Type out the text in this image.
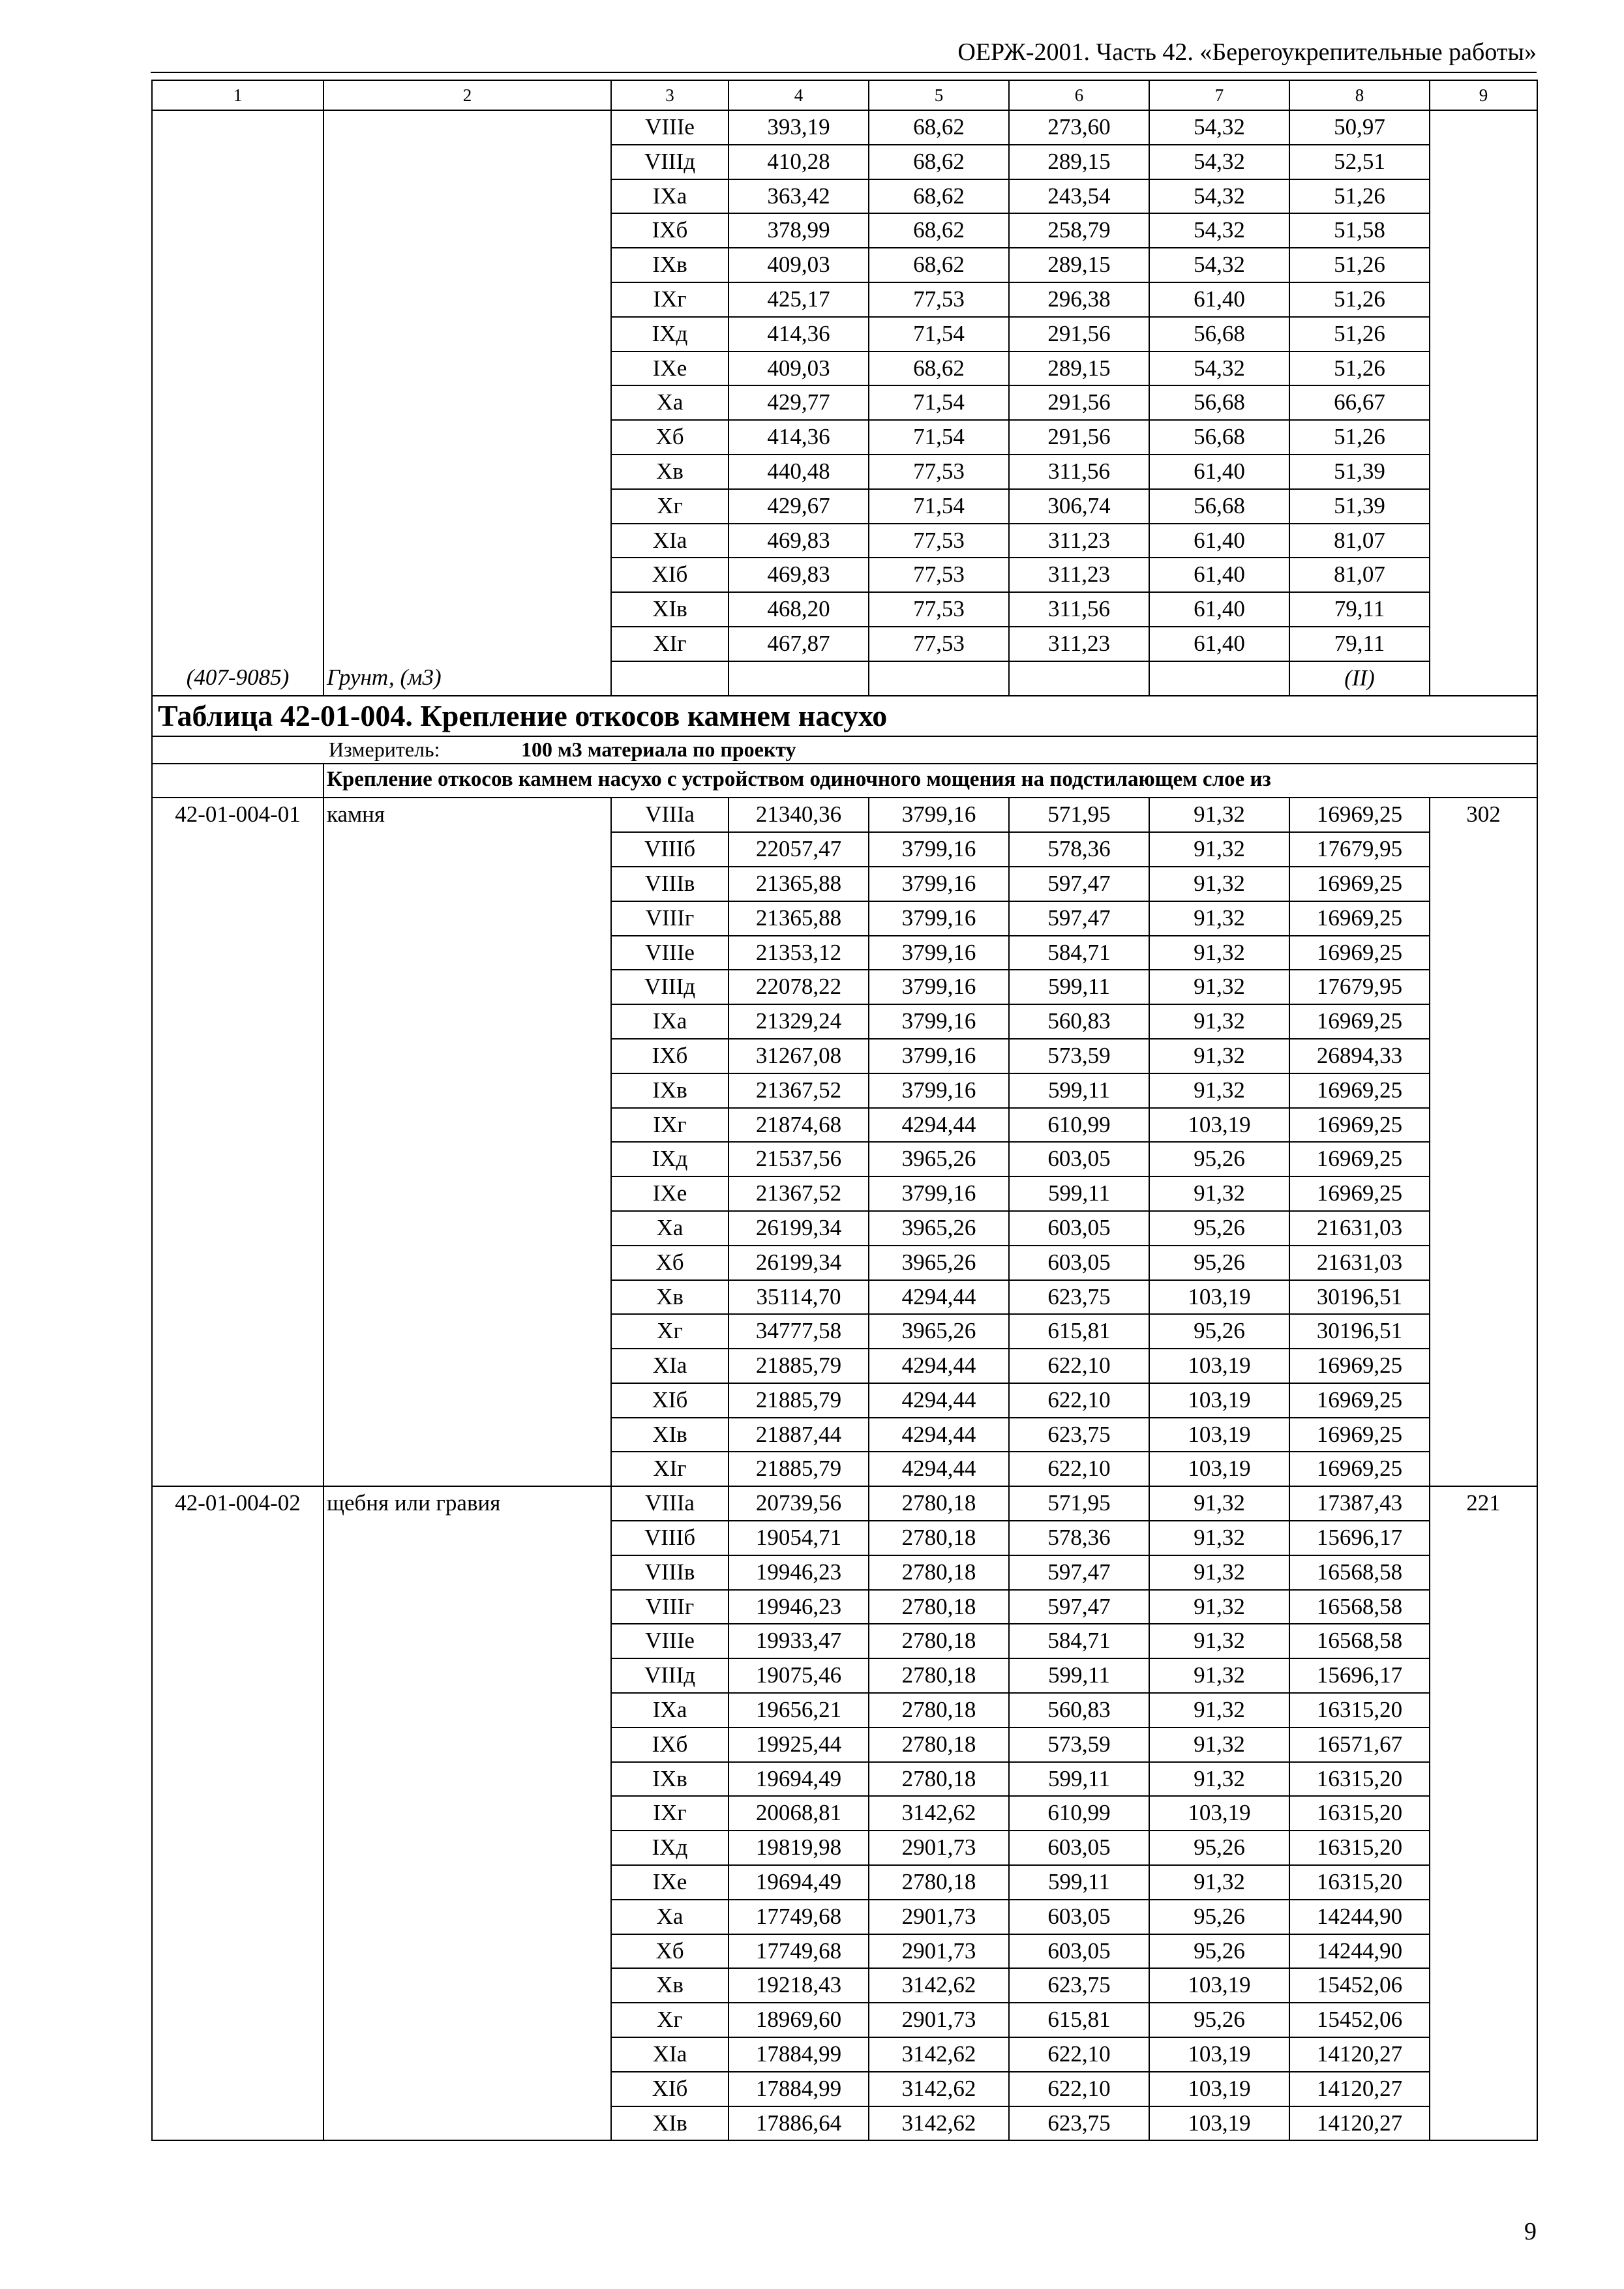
ОЕРЖ-2001. Часть 42. «Берегоукрепительные работы»
1	2	3	4	5	6	7	8	9
		VIIIе	393,19	68,62	273,60	54,32	50,97	
		VIIIд	410,28	68,62	289,15	54,32	52,51	
		IXа	363,42	68,62	243,54	54,32	51,26	
		IXб	378,99	68,62	258,79	54,32	51,58	
		IXв	409,03	68,62	289,15	54,32	51,26	
		IXг	425,17	77,53	296,38	61,40	51,26	
		IXд	414,36	71,54	291,56	56,68	51,26	
		IXе	409,03	68,62	289,15	54,32	51,26	
		Xа	429,77	71,54	291,56	56,68	66,67	
		Xб	414,36	71,54	291,56	56,68	51,26	
		Xв	440,48	77,53	311,56	61,40	51,39	
		Xг	429,67	71,54	306,74	56,68	51,39	
		XIа	469,83	77,53	311,23	61,40	81,07	
		XIб	469,83	77,53	311,23	61,40	81,07	
		XIв	468,20	77,53	311,56	61,40	79,11	
		XIг	467,87	77,53	311,23	61,40	79,11	
(407-9085)	Грунт, (м3)						(II)	
Таблица 42-01-004. Крепление откосов камнем насухо								
Измеритель: 100 м3 материала по проекту								
	Крепление откосов камнем насухо с устройством одиночного мощения на подстилающем слое из							
42-01-004-01	камня	VIIIа	21340,36	3799,16	571,95	91,32	16969,25	302
		VIIIб	22057,47	3799,16	578,36	91,32	17679,95	
		VIIIв	21365,88	3799,16	597,47	91,32	16969,25	
		VIIIг	21365,88	3799,16	597,47	91,32	16969,25	
		VIIIе	21353,12	3799,16	584,71	91,32	16969,25	
		VIIIд	22078,22	3799,16	599,11	91,32	17679,95	
		IXа	21329,24	3799,16	560,83	91,32	16969,25	
		IXб	31267,08	3799,16	573,59	91,32	26894,33	
		IXв	21367,52	3799,16	599,11	91,32	16969,25	
		IXг	21874,68	4294,44	610,99	103,19	16969,25	
		IXд	21537,56	3965,26	603,05	95,26	16969,25	
		IXе	21367,52	3799,16	599,11	91,32	16969,25	
		Xа	26199,34	3965,26	603,05	95,26	21631,03	
		Xб	26199,34	3965,26	603,05	95,26	21631,03	
		Xв	35114,70	4294,44	623,75	103,19	30196,51	
		Xг	34777,58	3965,26	615,81	95,26	30196,51	
		XIа	21885,79	4294,44	622,10	103,19	16969,25	
		XIб	21885,79	4294,44	622,10	103,19	16969,25	
		XIв	21887,44	4294,44	623,75	103,19	16969,25	
		XIг	21885,79	4294,44	622,10	103,19	16969,25	
42-01-004-02	щебня или гравия	VIIIа	20739,56	2780,18	571,95	91,32	17387,43	221
		VIIIб	19054,71	2780,18	578,36	91,32	15696,17	
		VIIIв	19946,23	2780,18	597,47	91,32	16568,58	
		VIIIг	19946,23	2780,18	597,47	91,32	16568,58	
		VIIIе	19933,47	2780,18	584,71	91,32	16568,58	
		VIIIд	19075,46	2780,18	599,11	91,32	15696,17	
		IXа	19656,21	2780,18	560,83	91,32	16315,20	
		IXб	19925,44	2780,18	573,59	91,32	16571,67	
		IXв	19694,49	2780,18	599,11	91,32	16315,20	
		IXг	20068,81	3142,62	610,99	103,19	16315,20	
		IXд	19819,98	2901,73	603,05	95,26	16315,20	
		IXе	19694,49	2780,18	599,11	91,32	16315,20	
		Xа	17749,68	2901,73	603,05	95,26	14244,90	
		Xб	17749,68	2901,73	603,05	95,26	14244,90	
		Xв	19218,43	3142,62	623,75	103,19	15452,06	
		Xг	18969,60	2901,73	615,81	95,26	15452,06	
		XIа	17884,99	3142,62	622,10	103,19	14120,27	
		XIб	17884,99	3142,62	622,10	103,19	14120,27	
		XIв	17886,64	3142,62	623,75	103,19	14120,27	
9
